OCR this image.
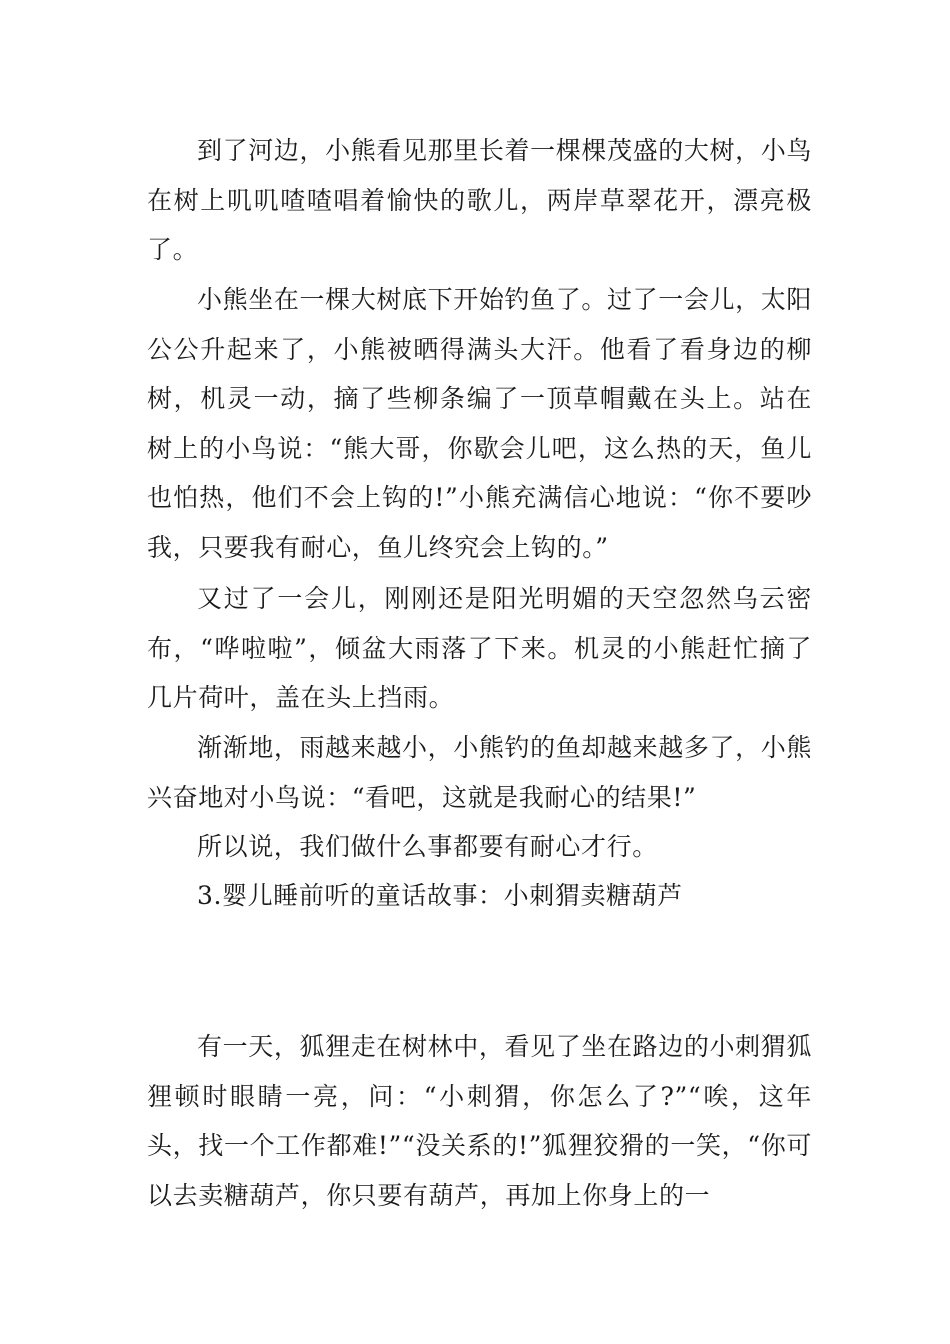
到了河边，小熊看见那里长着一棵棵茂盛的大树，小鸟在树上叽叽喳喳唱着愉快的歌儿，两岸草翠花开，漂亮极了。

小熊坐在一棵大树底下开始钓鱼了。过了一会儿，太阳公公升起来了，小熊被晒得满头大汗。他看了看身边的柳树，机灵一动，摘了些柳条编了一顶草帽戴在头上。站在树上的小鸟说：“熊大哥，你歇会儿吧，这么热的天，鱼儿也怕热，他们不会上钩的!”小熊充满信心地说：“你不要吵我，只要我有耐心，鱼儿终究会上钩的。”

又过了一会儿，刚刚还是阳光明媚的天空忽然乌云密布，“哗啦啦”，倾盆大雨落了下来。机灵的小熊赶忙摘了几片荷叶，盖在头上挡雨。

渐渐地，雨越来越小，小熊钓的鱼却越来越多了，小熊兴奋地对小鸟说：“看吧，这就是我耐心的结果!”

所以说，我们做什么事都要有耐心才行。

3.婴儿睡前听的童话故事：小刺猬卖糖葫芦

有一天，狐狸走在树林中，看见了坐在路边的小刺猬狐狸顿时眼睛一亮，问：“小刺猬，你怎么了?”“唉，这年头，找一个工作都难!”“没关系的!”狐狸狡猾的一笑，“你可以去卖糖葫芦，你只要有葫芦，再加上你身上的一
